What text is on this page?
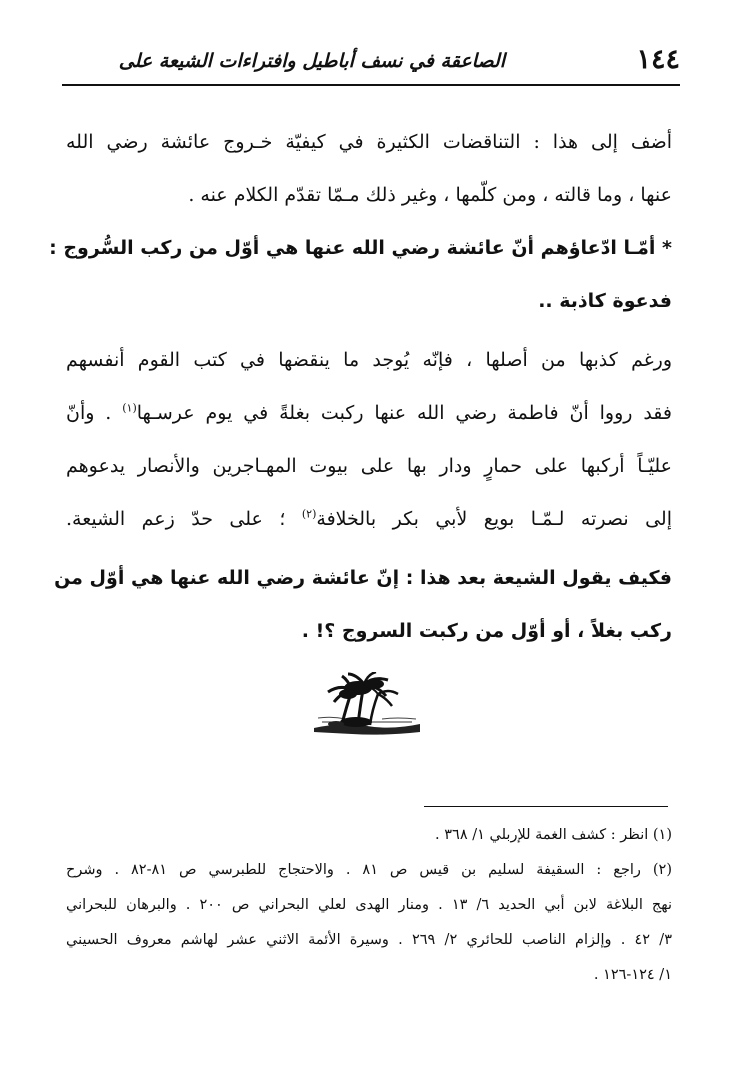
١٤٤
الصاعقة في نسف أباطيل وافتراءات الشيعة على
أضف إلى هذا : التناقضات الكثيرة في كيفيّة خـروج عائشة رضي الله
عنها ، وما قالته ، ومن كلّمها ، وغير ذلك مـمّا تقدّم الكلام عنه .
* أمّـا ادّعاؤهم أنّ عائشة رضي الله عنها هي أوّل من ركب السُّروج :
فدعوة كاذبة ..
ورغم كذبها من أصلها ، فإنّه يُوجد ما ينقضها في كتب القوم أنفسهم
فقد رووا أنّ فاطمة رضي الله عنها ركبت بغلةً في يوم عرسـها$^{(١)}$ . وأنّ
عليّـاً أركبها على حمارٍ ودار بها على بيوت المهـاجرين والأنصار يدعوهم
إلى نصرته لـمّـا بويع لأبي بكر بالخلافة$^{(٢)}$ ؛ على حدّ زعم الشيعة.
فكيف يقول الشيعة بعد هذا : إنّ عائشة رضي الله عنها هي أوّل من
ركب بغلاً ، أو أوّل من ركبت السروج ؟! .
(١) انظر : كشف الغمة للإربلي ١/ ٣٦٨ .
(٢) راجع : السقيفة لسليم بن قيس ص ٨١ . والاحتجاج للطبرسي ص ٨١-٨٢ . وشرح
نهج البلاغة لابن أبي الحديد ٦/ ١٣ . ومنار الهدى لعلي البحراني ص ٢٠٠ . والبرهان للبحراني
٣/ ٤٢ . وإلزام الناصب للحائري ٢/ ٢٦٩ . وسيرة الأئمة الاثني عشر لهاشم معروف الحسيني
١/ ١٢٤-١٢٦ .
